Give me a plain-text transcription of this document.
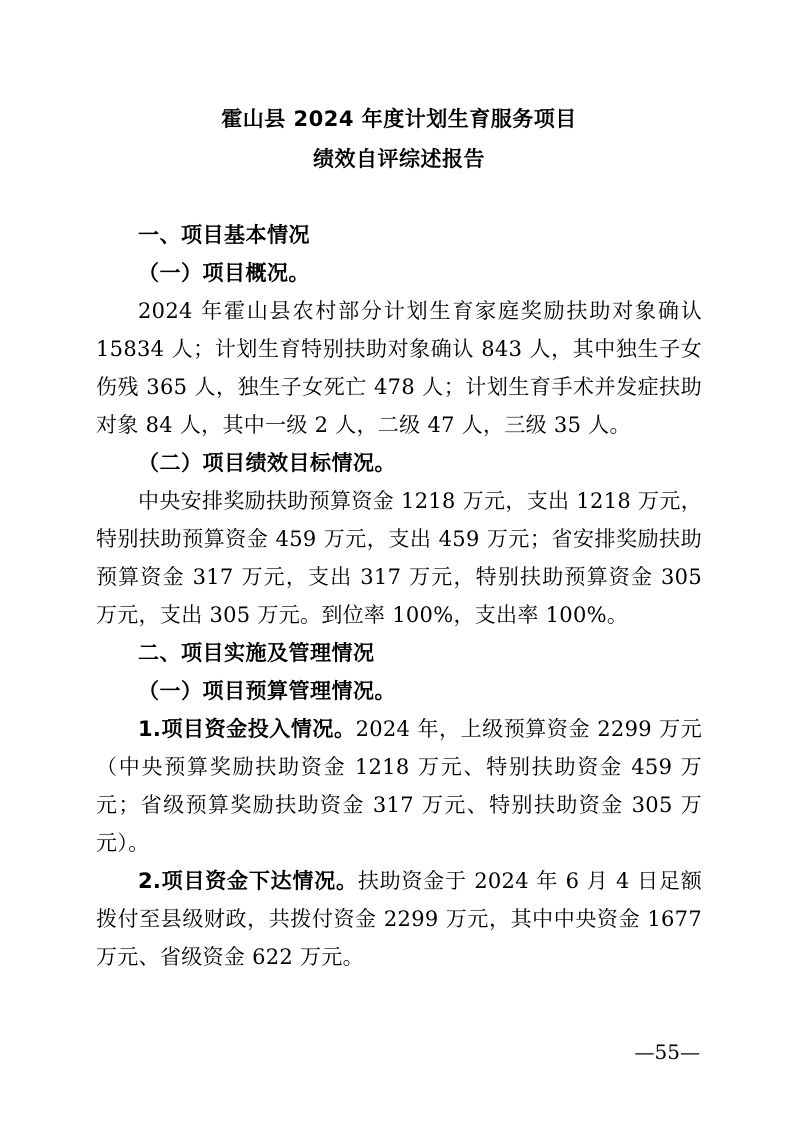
霍山县 2024 年度计划生育服务项目
绩效自评综述报告
一、项目基本情况
（一）项目概况。
2024 年霍山县农村部分计划生育家庭奖励扶助对象确认 15834 人；计划生育特别扶助对象确认 843 人，其中独生子女伤残 365 人，独生子女死亡 478 人；计划生育手术并发症扶助对象 84 人，其中一级 2 人，二级 47 人，三级 35 人。
（二）项目绩效目标情况。
中央安排奖励扶助预算资金 1218 万元，支出 1218 万元，特别扶助预算资金 459 万元，支出 459 万元；省安排奖励扶助预算资金 317 万元，支出 317 万元，特别扶助预算资金 305 万元，支出 305 万元。到位率 100%，支出率 100%。
二、项目实施及管理情况
（一）项目预算管理情况。
1.项目资金投入情况。2024 年，上级预算资金 2299 万元（中央预算奖励扶助资金 1218 万元、特别扶助资金 459 万元；省级预算奖励扶助资金 317 万元、特别扶助资金 305 万元）。
2.项目资金下达情况。扶助资金于 2024 年 6 月 4 日足额拨付至县级财政，共拨付资金 2299 万元，其中中央资金 1677 万元、省级资金 622 万元。
—55—
